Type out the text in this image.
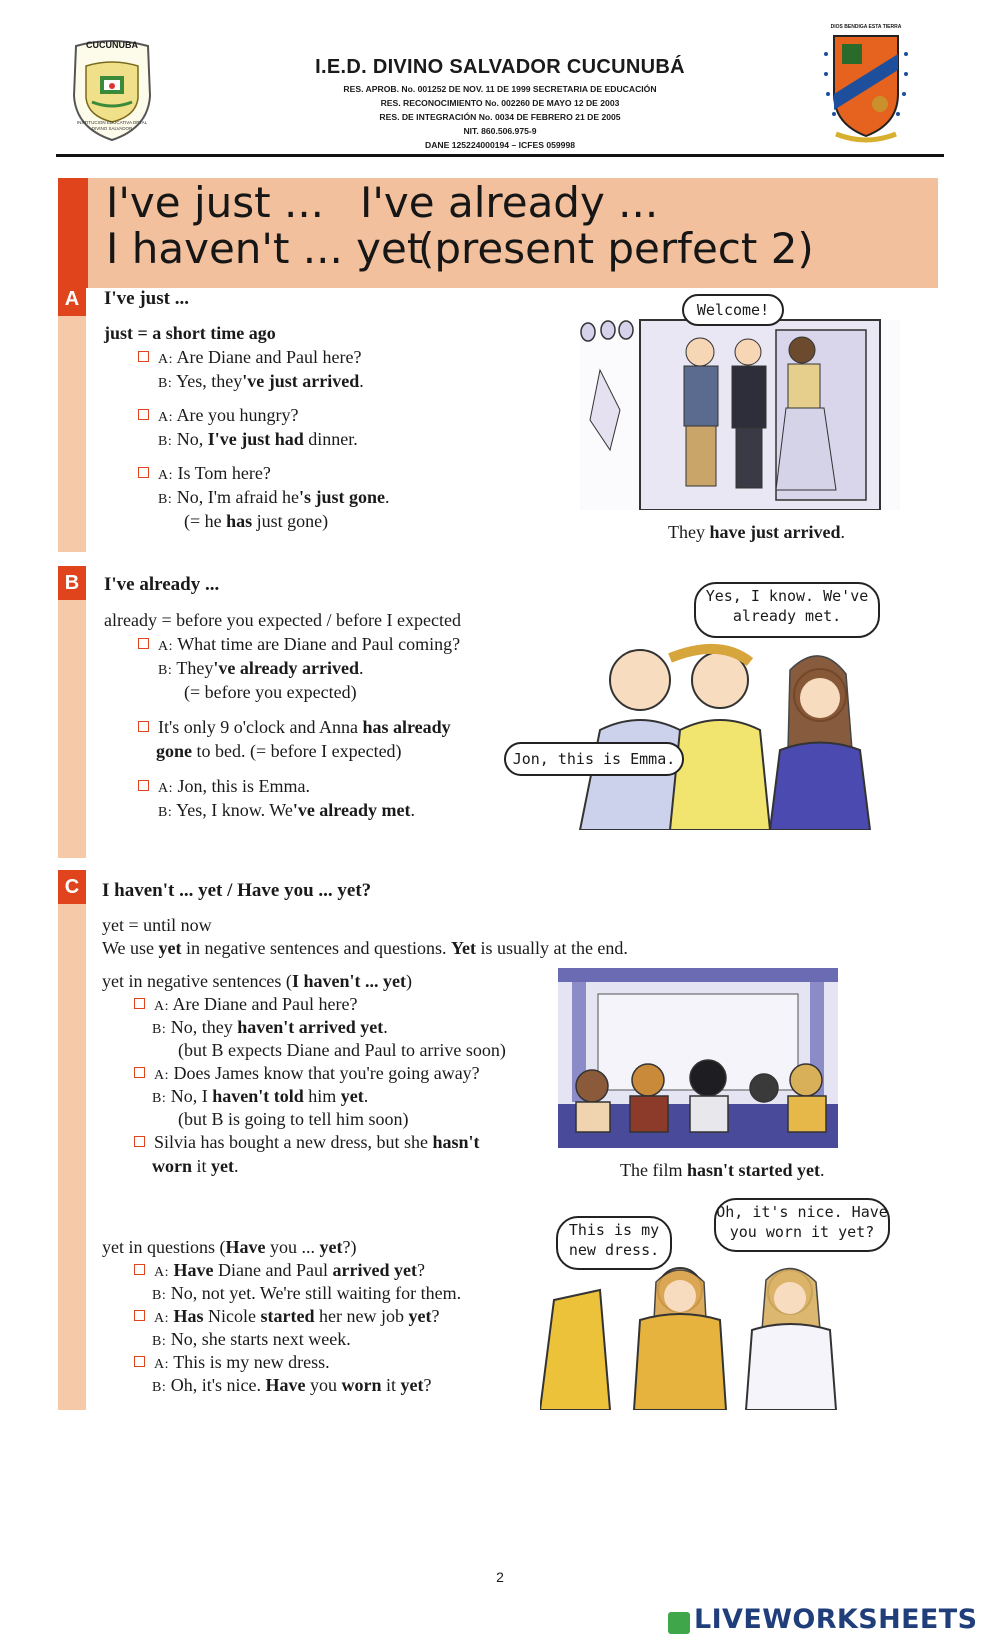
CUCUNUBA
INSTITUCION EDUCATIVA DPTAL DIVINO SALVADOR
I.E.D. DIVINO SALVADOR CUCUNUBÁ
RES. APROB. No. 001252 DE NOV. 11 DE 1999 SECRETARIA DE EDUCACIÓN
RES. RECONOCIMIENTO No. 002260 DE MAYO 12 DE 2003
RES. DE INTEGRACIÓN No. 0034 DE FEBRERO 21 DE 2005
NIT. 860.506.975-9
DANE 125224000194 – ICFES 059998
DIOS BENDIGA ESTA TIERRA
I've just ... I've already ...
I haven't ... yet
(present perfect 2)
A	I've just ...
just = a short time ago
A: Are Diane and Paul here?
B: Yes, they've just arrived.
A: Are you hungry?
B: No, I've just had dinner.
A: Is Tom here?
B: No, I'm afraid he's just gone.
(= he has just gone)
Welcome!
They have just arrived.
B	I've already ...
already = before you expected / before I expected
A: What time are Diane and Paul coming?
B: They've already arrived.
(= before you expected)
It's only 9 o'clock and Anna has already
gone to bed. (= before I expected)
A: Jon, this is Emma.
B: Yes, I know. We've already met.
Yes, I know. We've already met.
Jon, this is Emma.
C	I haven't ... yet / Have you ... yet?
yet = until now
We use yet in negative sentences and questions. Yet is usually at the end.
yet in negative sentences (I haven't ... yet)
A: Are Diane and Paul here?
B: No, they haven't arrived yet.
(but B expects Diane and Paul to arrive soon)
A: Does James know that you're going away?
B: No, I haven't told him yet.
(but B is going to tell him soon)
Silvia has bought a new dress, but she hasn't
worn it yet.	The film hasn't started yet.
yet in questions (Have you ... yet?)
A: Have Diane and Paul arrived yet?
B: No, not yet. We're still waiting for them.
A: Has Nicole started her new job yet?
B: No, she starts next week.
A: This is my new dress.
B: Oh, it's nice. Have you worn it yet?
This is my new dress.
Oh, it's nice. Have you worn it yet?
2
LIVEWORKSHEETS
